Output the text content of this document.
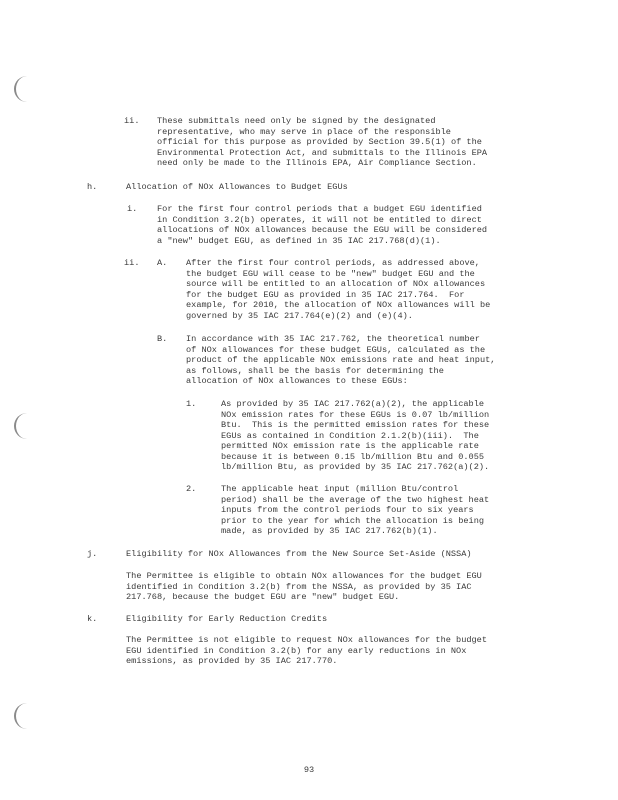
ii. These submittals need only be signed by the designated
representative, who may serve in place of the responsible
official for this purpose as provided by Section 39.5(1) of the
Environmental Protection Act, and submittals to the Illinois EPA
need only be made to the Illinois EPA, Air Compliance Section.
h.	Allocation of NOx Allowances to Budget EGUs
i. For the first four control periods that a budget EGU identified
in Condition 3.2(b) operates, it will not be entitled to direct
allocations of NOx allowances because the EGU will be considered
a "new" budget EGU, as defined in 35 IAC 217.768(d)(1).
ii. A. After the first four control periods, as addressed above,
the budget EGU will cease to be "new" budget EGU and the
source will be entitled to an allocation of NOx allowances
for the budget EGU as provided in 35 IAC 217.764.  For
example, for 2010, the allocation of NOx allowances will be
governed by 35 IAC 217.764(e)(2) and (e)(4).
B. In accordance with 35 IAC 217.762, the theoretical number
of NOx allowances for these budget EGUs, calculated as the
product of the applicable NOx emissions rate and heat input,
as follows, shall be the basis for determining the
allocation of NOx allowances to these EGUs:
1.	As provided by 35 IAC 217.762(a)(2), the applicable
NOx emission rates for these EGUs is 0.07 lb/million
Btu.  This is the permitted emission rates for these
EGUs as contained in Condition 2.1.2(b)(iii).  The
permitted NOx emission rate is the applicable rate
because it is between 0.15 lb/million Btu and 0.055
lb/million Btu, as provided by 35 IAC 217.762(a)(2).
2.	The applicable heat input (million Btu/control
period) shall be the average of the two highest heat
inputs from the control periods four to six years
prior to the year for which the allocation is being
made, as provided by 35 IAC 217.762(b)(1).
j.	Eligibility for NOx Allowances from the New Source Set-Aside (NSSA)
The Permittee is eligible to obtain NOx allowances for the budget EGU
identified in Condition 3.2(b) from the NSSA, as provided by 35 IAC
217.768, because the budget EGU are "new" budget EGU.
k.	Eligibility for Early Reduction Credits
The Permittee is not eligible to request NOx allowances for the budget
EGU identified in Condition 3.2(b) for any early reductions in NOx
emissions, as provided by 35 IAC 217.770.
93
